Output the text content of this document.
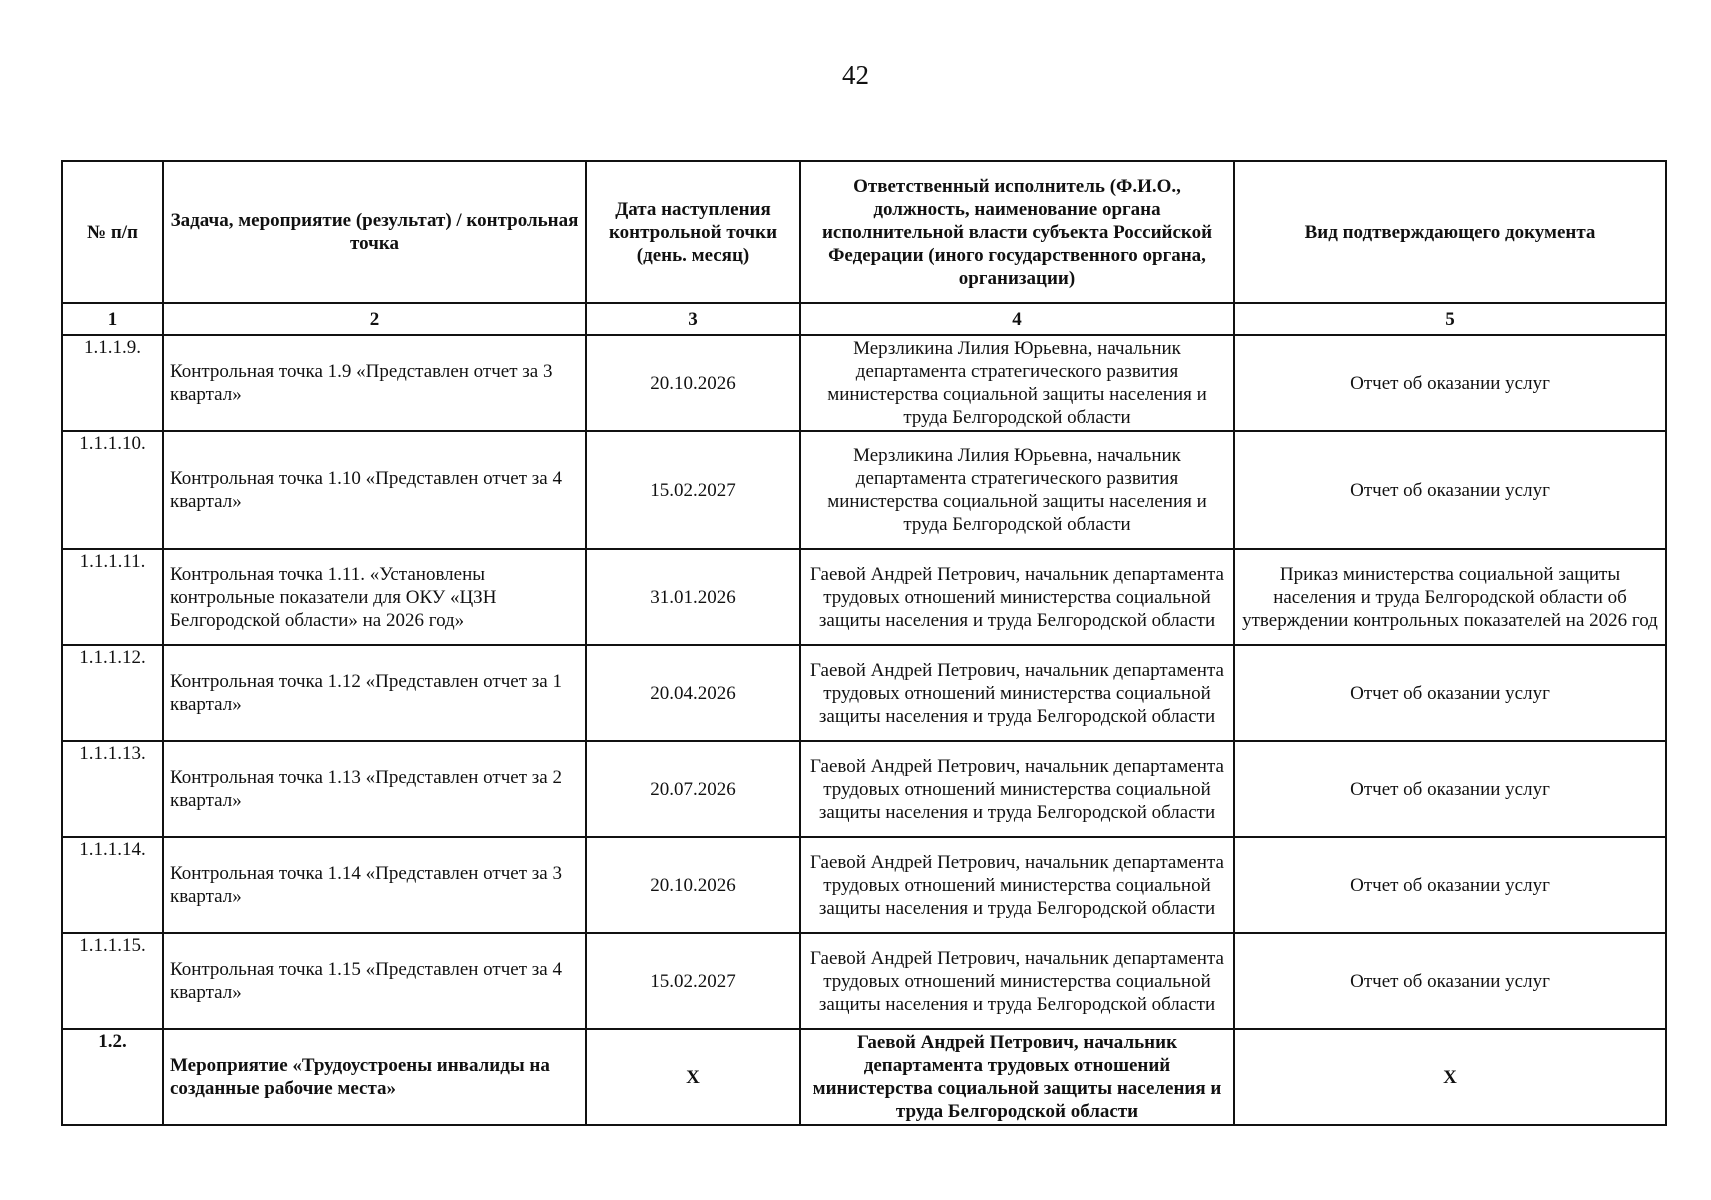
42
№ п/п	Задача, мероприятие (результат) / контрольная точка	Дата наступления контрольной точки (день. месяц)	Ответственный исполнитель (Ф.И.О., должность, наименование органа исполнительной власти субъекта Российской Федерации (иного государственного органа, организации)	Вид подтверждающего документа
1	2	3	4	5
1.1.1.9.	Контрольная точка 1.9 «Представлен отчет за 3 квартал»	20.10.2026	Мерзликина Лилия Юрьевна, начальник департамента стратегического развития министерства социальной защиты населения и труда Белгородской области	Отчет об оказании услуг
1.1.1.10.	Контрольная точка 1.10 «Представлен отчет за 4 квартал»	15.02.2027	Мерзликина Лилия Юрьевна, начальник департамента стратегического развития министерства социальной защиты населения и труда Белгородской области	Отчет об оказании услуг
1.1.1.11.	Контрольная точка 1.11. «Установлены контрольные показатели для ОКУ «ЦЗН Белгородской области» на 2026 год»	31.01.2026	Гаевой Андрей Петрович, начальник департамента трудовых отношений министерства социальной защиты населения и труда Белгородской области	Приказ министерства социальной защиты населения и труда Белгородской области об утверждении контрольных показателей на 2026 год
1.1.1.12.	Контрольная точка 1.12 «Представлен отчет за 1 квартал»	20.04.2026	Гаевой Андрей Петрович, начальник департамента трудовых отношений министерства социальной защиты населения и труда Белгородской области	Отчет об оказании услуг
1.1.1.13.	Контрольная точка 1.13 «Представлен отчет за 2 квартал»	20.07.2026	Гаевой Андрей Петрович, начальник департамента трудовых отношений министерства социальной защиты населения и труда Белгородской области	Отчет об оказании услуг
1.1.1.14.	Контрольная точка 1.14 «Представлен отчет за 3 квартал»	20.10.2026	Гаевой Андрей Петрович, начальник департамента трудовых отношений министерства социальной защиты населения и труда Белгородской области	Отчет об оказании услуг
1.1.1.15.	Контрольная точка 1.15 «Представлен отчет за 4 квартал»	15.02.2027	Гаевой Андрей Петрович, начальник департамента трудовых отношений министерства социальной защиты населения и труда Белгородской области	Отчет об оказании услуг
1.2.	Мероприятие «Трудоустроены инвалиды на созданные рабочие места»	X	Гаевой Андрей Петрович, начальник департамента трудовых отношений министерства социальной защиты населения и труда Белгородской области	X
